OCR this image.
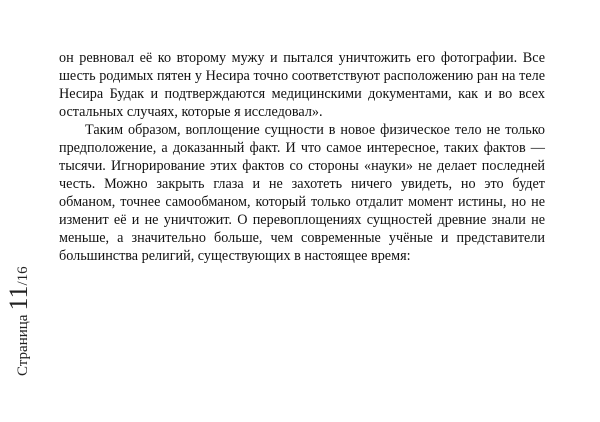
он ревновал её ко второму мужу и пытался уничтожить его фотографии. Все шесть родимых пятен у Несира точно соответствуют расположению ран на теле Несира Будак и подтверждаются медицинскими документами, как и во всех остальных случаях, которые я исследовал».

Таким образом, воплощение сущности в новое физическое тело не только предположение, а доказанный факт. И что самое интересное, таких фактов — тысячи. Игнорирование этих фактов со стороны «науки» не делает последней честь. Можно закрыть глаза и не захотеть ничего увидеть, но это будет обманом, точнее самообманом, который только отдалит момент истины, но не изменит её и не уничтожит. О перевоплощениях сущностей древние знали не меньше, а значительно больше, чем современные учёные и представители большинства религий, существующих в настоящее время:

Страница11/16
